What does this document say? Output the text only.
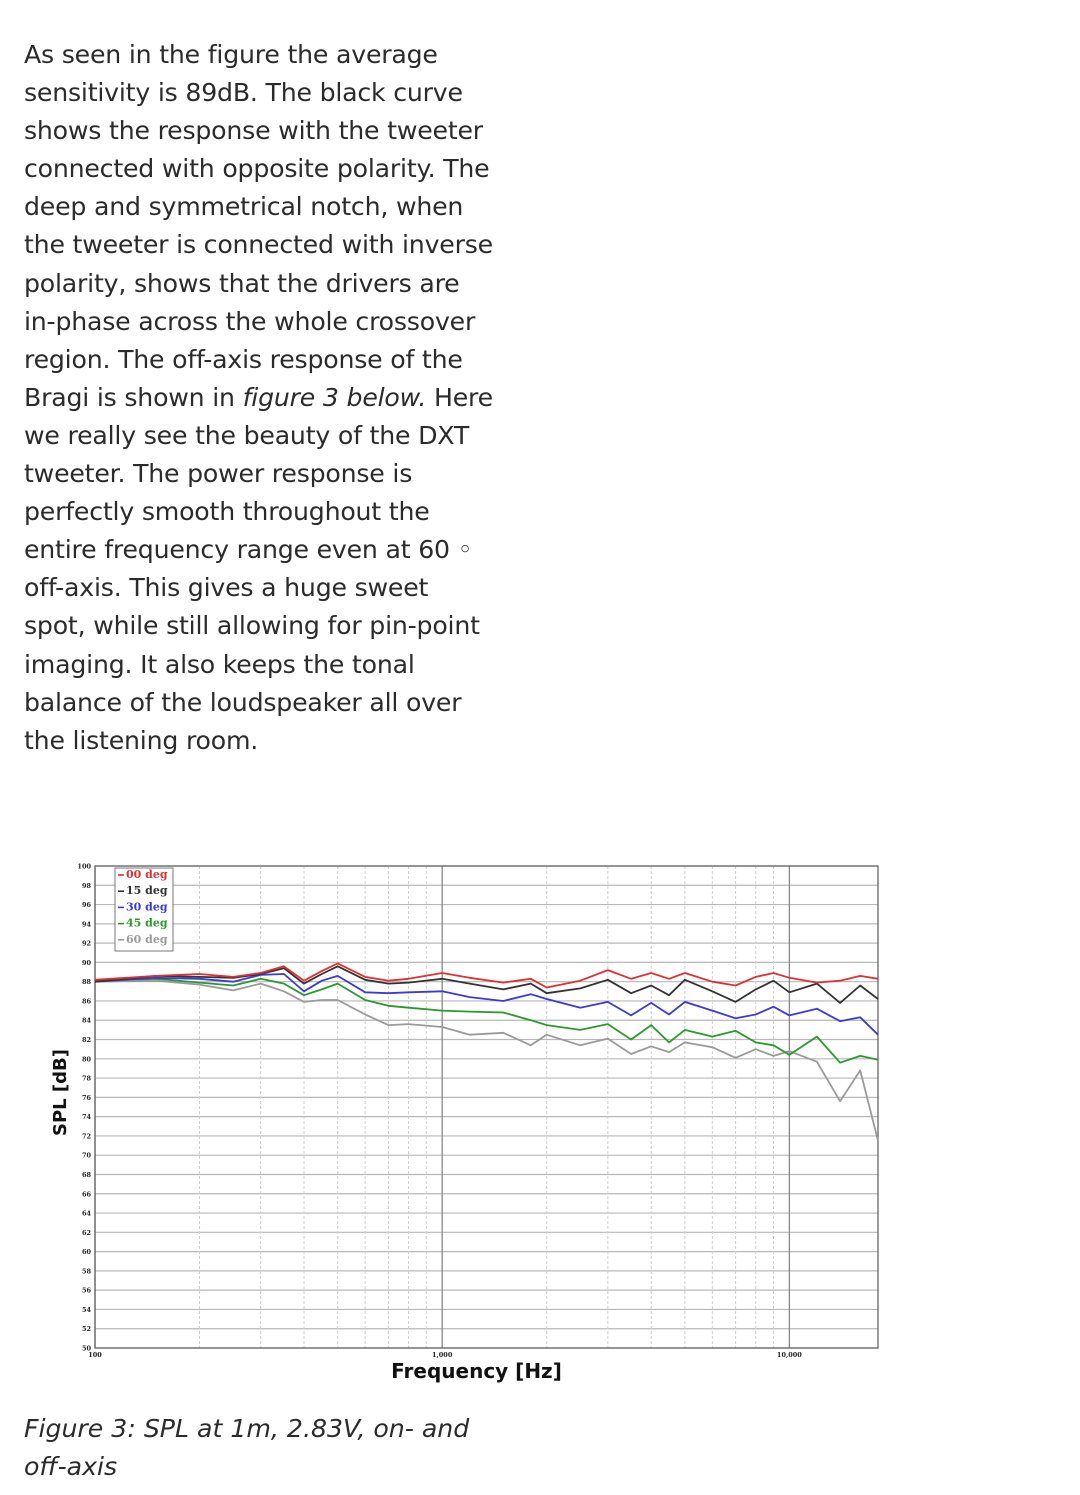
As seen in the figure the average sensitivity is 89dB. The black curve shows the response with the tweeter connected with opposite polarity. The deep and symmetrical notch, when the tweeter is connected with inverse polarity, shows that the drivers are in-phase across the whole crossover region. The off-axis response of the Bragi is shown in figure 3 below. Here we really see the beauty of the DXT tweeter. The power response is perfectly smooth throughout the entire frequency range even at 60 ◦ off-axis. This gives a huge sweet spot, while still allowing for pin-point imaging. It also keeps the tonal balance of the loudspeaker all over the listening room.

50
52
54
56
58
60
62
64
66
68
70
72
74
76
78
80
82
84
86
88
90
92
94
96
98
100
100	1,000	10,000
Frequency [Hz]
SPL [dB]
00 deg
15 deg
30 deg
45 deg
60 deg

Figure 3: SPL at 1m, 2.83V, on- and off-axis
